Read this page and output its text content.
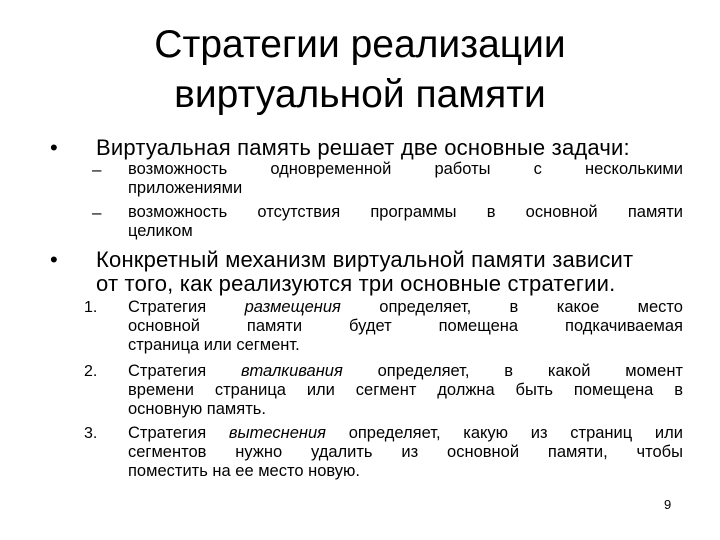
Стратегии реализации
виртуальной памяти
• Виртуальная память решает две основные задачи:
– возможность одновременной работы с несколькими
приложениями
– возможность отсутствия программы в основной памяти
целиком
• Конкретный механизм виртуальной памяти зависит
от того, как реализуются три основные стратегии.
1. Стратегия размещения определяет, в какое место
основной памяти будет помещена подкачиваемая
страница или сегмент.
2. Стратегия вталкивания определяет, в какой момент
времени страница или сегмент должна быть помещена в
основную память.
3. Стратегия вытеснения определяет, какую из страниц или
сегментов нужно удалить из основной памяти, чтобы
поместить на ее место новую.
9
